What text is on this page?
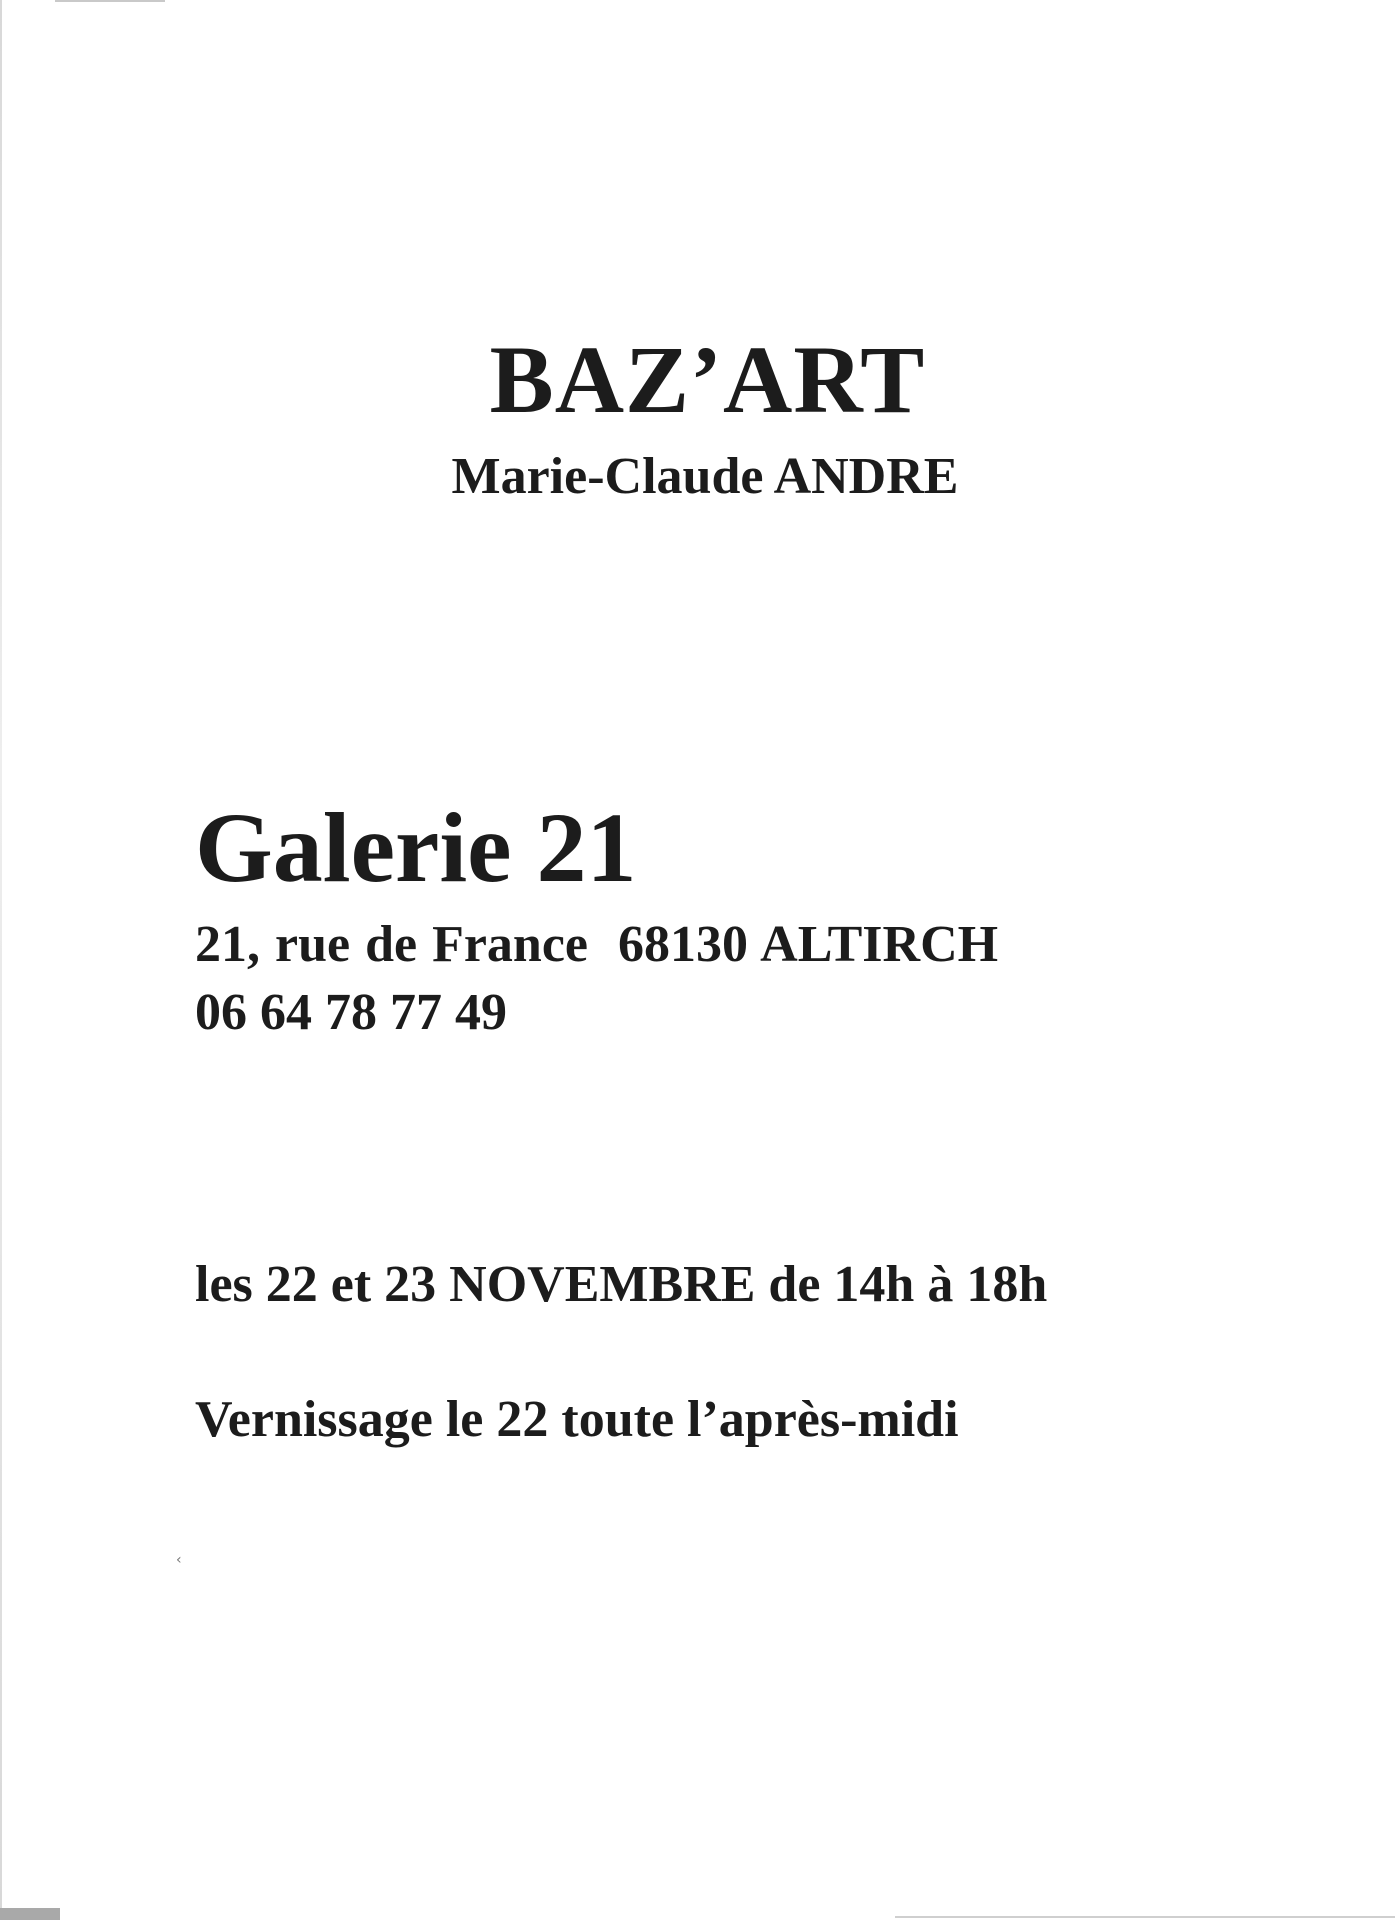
‹
BAZ’ART

Marie-Claude ANDRE

Galerie 21

21, rue de France  68130 ALTIRCH

06 64 78 77 49

les 22 et 23 NOVEMBRE de 14h à 18h

Vernissage le 22 toute l’après-midi
